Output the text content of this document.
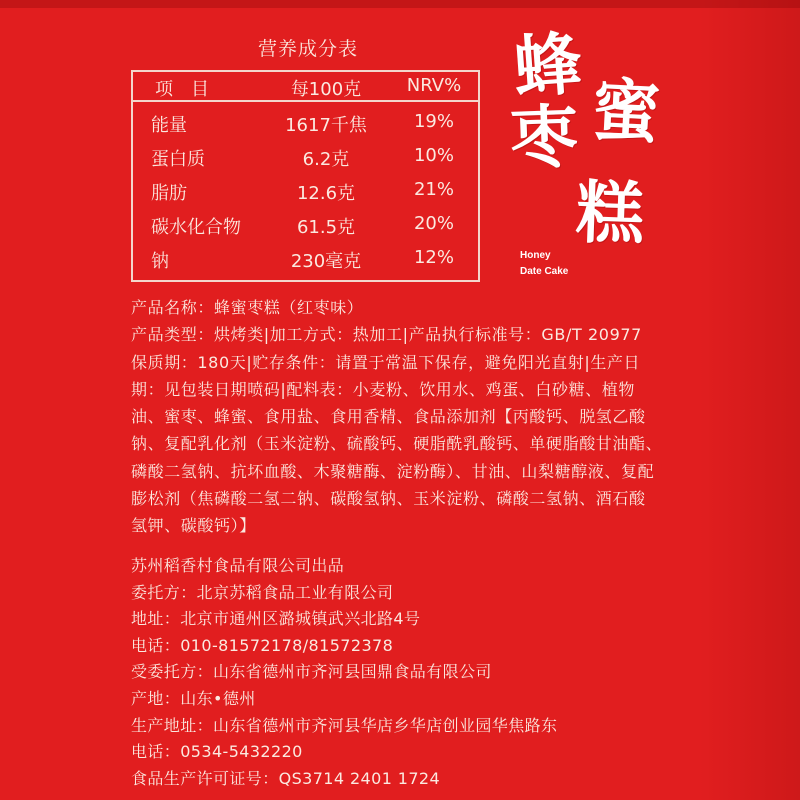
营养成分表
项目	每100克	NRV%
能量	1617千焦	19%
蛋白质	6.2克	10%
脂肪	12.6克	21%
碳水化合物	61.5克	20%
钠	230毫克	12%
蜂
蜜
枣
糕
Honey
Date Cake

产品名称：蜂蜜枣糕（红枣味）

产品类型：烘烤类|加工方式：热加工|产品执行标准号：GB/T 20977

保质期：180天|贮存条件：请置于常温下保存，避免阳光直射|生产日

期：见包装日期喷码|配料表：小麦粉、饮用水、鸡蛋、白砂糖、植物

油、蜜枣、蜂蜜、食用盐、食用香精、食品添加剂【丙酸钙、脱氢乙酸

钠、复配乳化剂（玉米淀粉、硫酸钙、硬脂酰乳酸钙、单硬脂酸甘油酯、

磷酸二氢钠、抗坏血酸、木聚糖酶、淀粉酶）、甘油、山梨糖醇液、复配

膨松剂（焦磷酸二氢二钠、碳酸氢钠、玉米淀粉、磷酸二氢钠、酒石酸

氢钾、碳酸钙）】

苏州稻香村食品有限公司出品

委托方：北京苏稻食品工业有限公司

地址：北京市通州区潞城镇武兴北路4号

电话：010-81572178/81572378

受委托方：山东省德州市齐河县国鼎食品有限公司

产地：山东•德州

生产地址：山东省德州市齐河县华店乡华店创业园华焦路东

电话：0534-5432220

食品生产许可证号：QS3714 2401 1724
